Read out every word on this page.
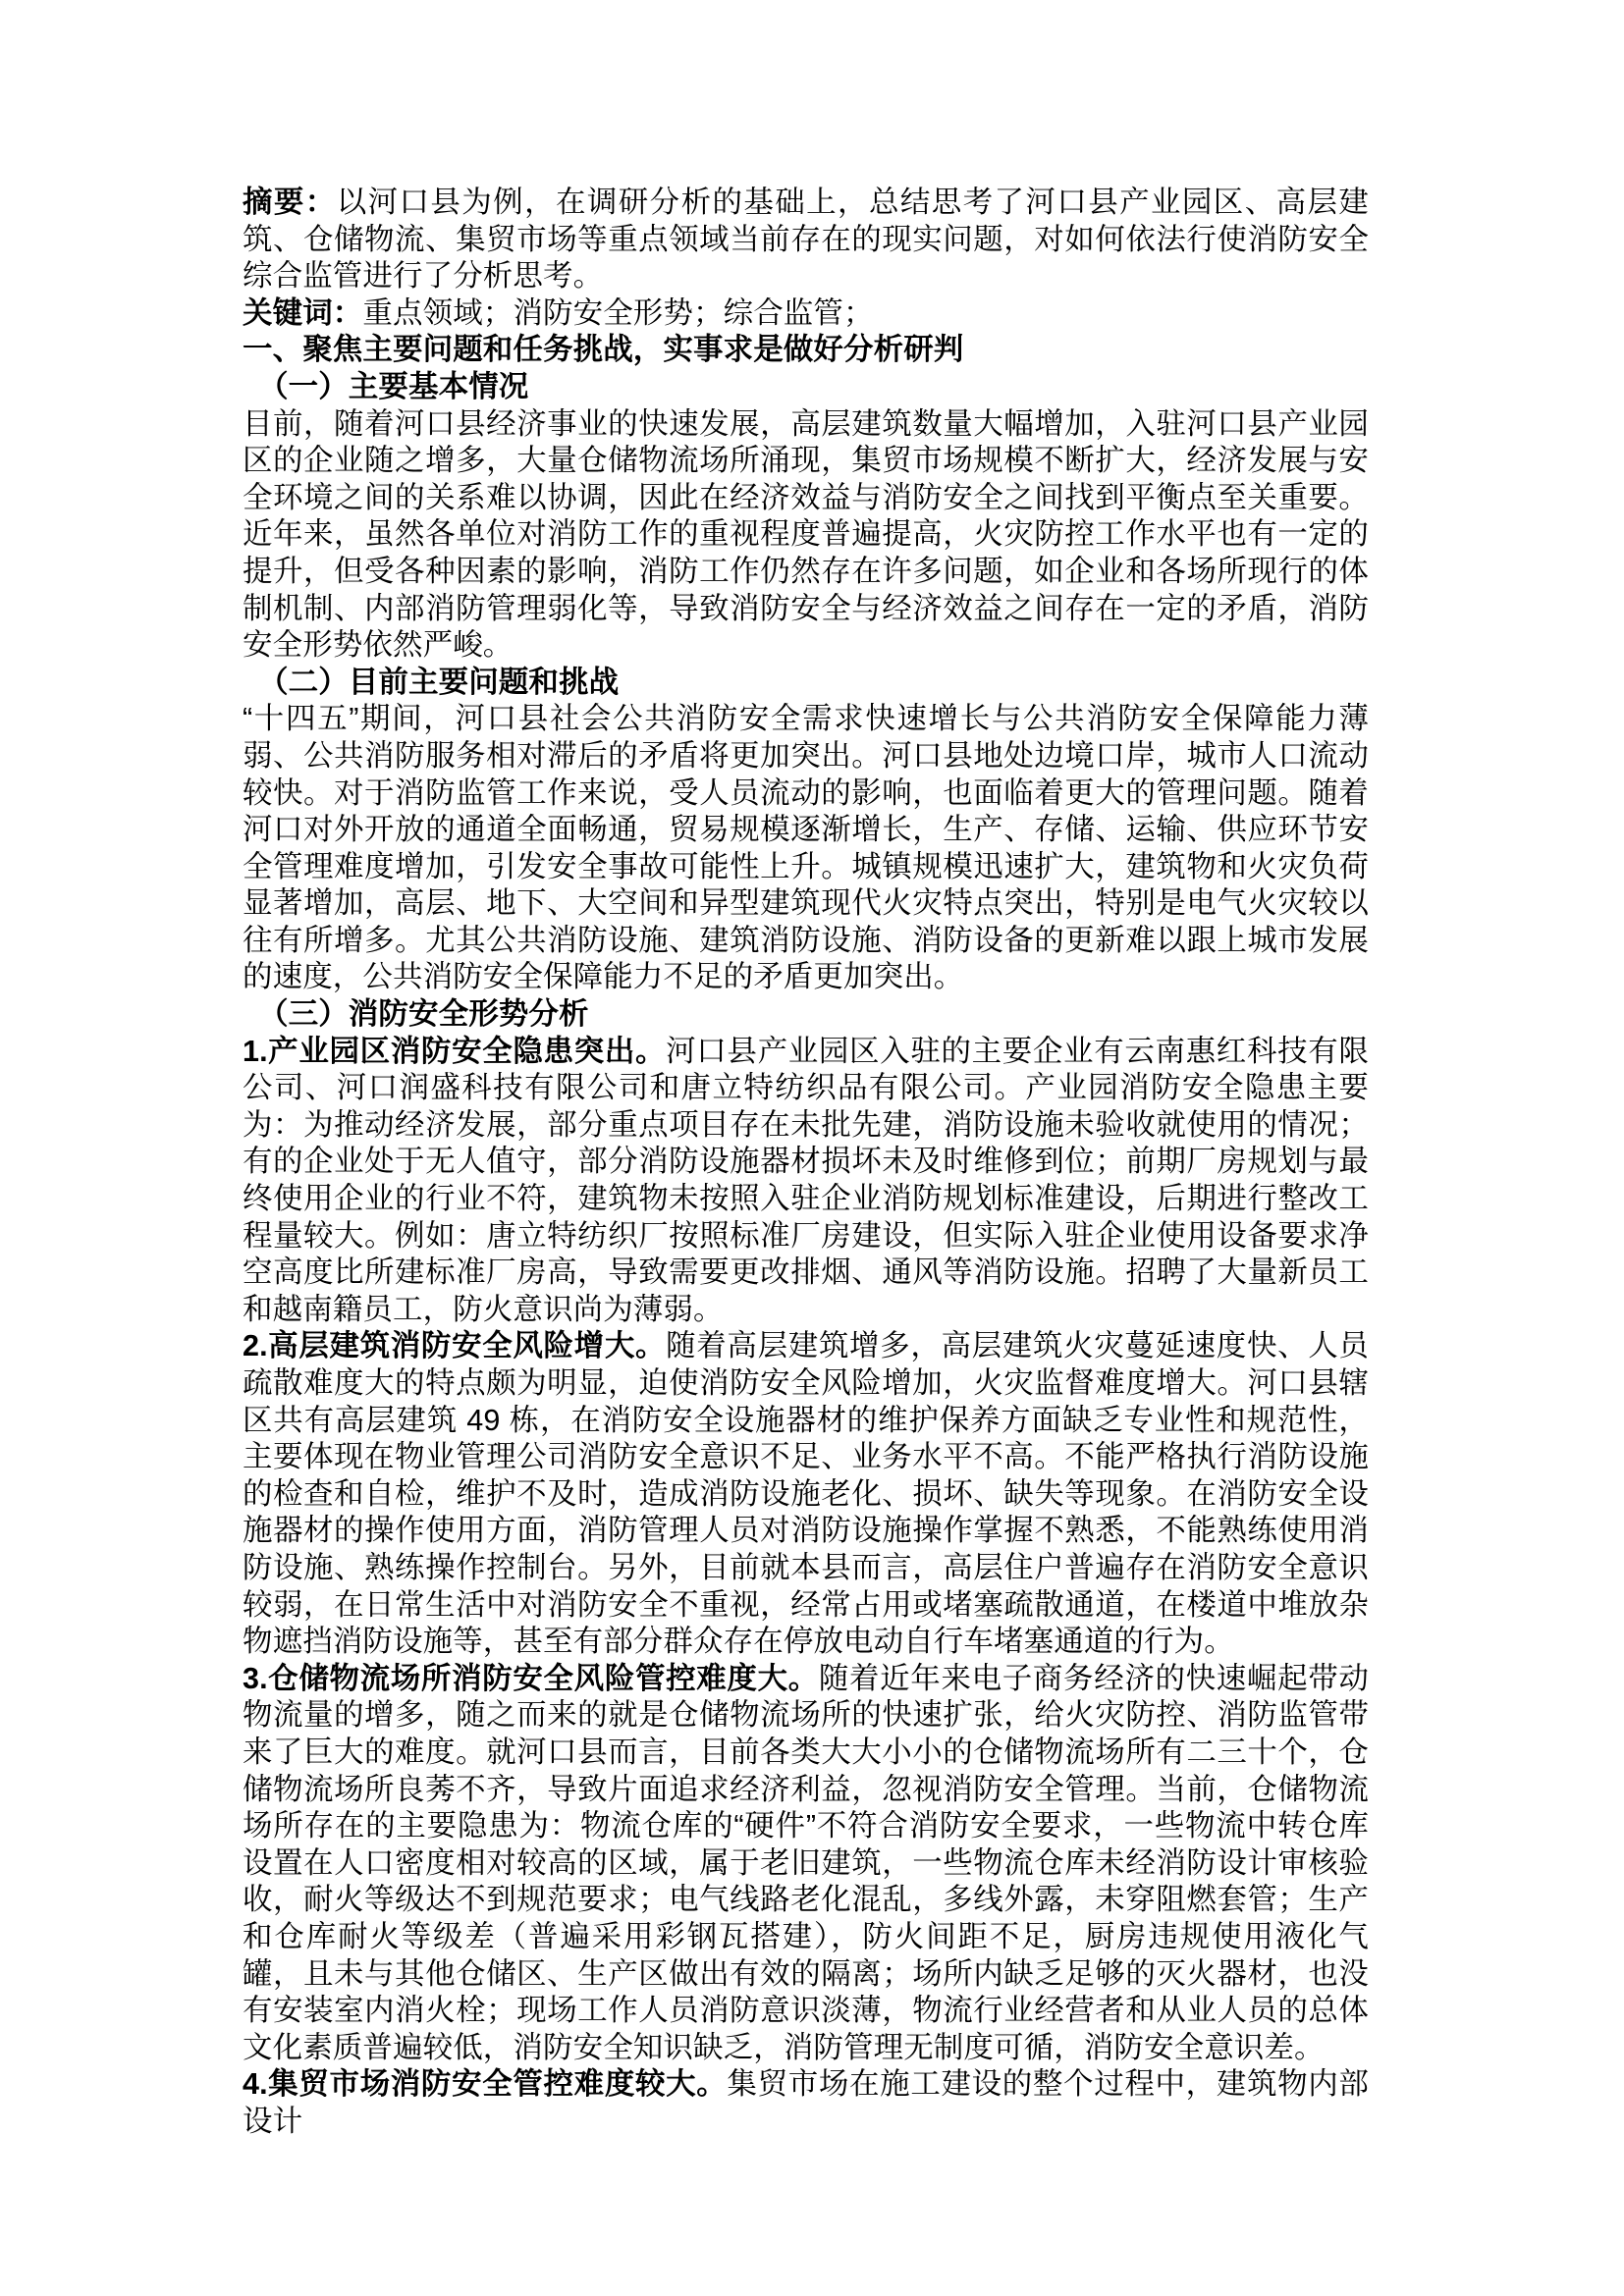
摘要：以河口县为例，在调研分析的基础上，总结思考了河口县产业园区、高层建筑、仓储物流、集贸市场等重点领域当前存在的现实问题，对如何依法行使消防安全综合监管进行了分析思考。

关键词：重点领域；消防安全形势；综合监管；

一、聚焦主要问题和任务挑战，实事求是做好分析研判

（一）主要基本情况

目前，随着河口县经济事业的快速发展，高层建筑数量大幅增加，入驻河口县产业园区的企业随之增多，大量仓储物流场所涌现，集贸市场规模不断扩大，经济发展与安全环境之间的关系难以协调，因此在经济效益与消防安全之间找到平衡点至关重要。近年来，虽然各单位对消防工作的重视程度普遍提高，火灾防控工作水平也有一定的提升，但受各种因素的影响，消防工作仍然存在许多问题，如企业和各场所现行的体制机制、内部消防管理弱化等，导致消防安全与经济效益之间存在一定的矛盾，消防安全形势依然严峻。

（二）目前主要问题和挑战

“十四五”期间，河口县社会公共消防安全需求快速增长与公共消防安全保障能力薄弱、公共消防服务相对滞后的矛盾将更加突出。河口县地处边境口岸，城市人口流动较快。对于消防监管工作来说，受人员流动的影响，也面临着更大的管理问题。随着河口对外开放的通道全面畅通，贸易规模逐渐增长，生产、存储、运输、供应环节安全管理难度增加，引发安全事故可能性上升。城镇规模迅速扩大，建筑物和火灾负荷显著增加，高层、地下、大空间和异型建筑现代火灾特点突出，特别是电气火灾较以往有所增多。尤其公共消防设施、建筑消防设施、消防设备的更新难以跟上城市发展的速度，公共消防安全保障能力不足的矛盾更加突出。

（三）消防安全形势分析

1.产业园区消防安全隐患突出。河口县产业园区入驻的主要企业有云南惠红科技有限公司、河口润盛科技有限公司和唐立特纺织品有限公司。产业园消防安全隐患主要为：为推动经济发展，部分重点项目存在未批先建，消防设施未验收就使用的情况；有的企业处于无人值守，部分消防设施器材损坏未及时维修到位；前期厂房规划与最终使用企业的行业不符，建筑物未按照入驻企业消防规划标准建设，后期进行整改工程量较大。例如：唐立特纺织厂按照标准厂房建设，但实际入驻企业使用设备要求净空高度比所建标准厂房高，导致需要更改排烟、通风等消防设施。招聘了大量新员工和越南籍员工，防火意识尚为薄弱。

2.高层建筑消防安全风险增大。随着高层建筑增多，高层建筑火灾蔓延速度快、人员疏散难度大的特点颇为明显，迫使消防安全风险增加，火灾监督难度增大。河口县辖区共有高层建筑 49 栋，在消防安全设施器材的维护保养方面缺乏专业性和规范性，主要体现在物业管理公司消防安全意识不足、业务水平不高。不能严格执行消防设施的检查和自检，维护不及时，造成消防设施老化、损坏、缺失等现象。在消防安全设施器材的操作使用方面，消防管理人员对消防设施操作掌握不熟悉，不能熟练使用消防设施、熟练操作控制台。另外，目前就本县而言，高层住户普遍存在消防安全意识较弱，在日常生活中对消防安全不重视，经常占用或堵塞疏散通道，在楼道中堆放杂物遮挡消防设施等，甚至有部分群众存在停放电动自行车堵塞通道的行为。

3.仓储物流场所消防安全风险管控难度大。随着近年来电子商务经济的快速崛起带动物流量的增多，随之而来的就是仓储物流场所的快速扩张，给火灾防控、消防监管带来了巨大的难度。就河口县而言，目前各类大大小小的仓储物流场所有二三十个，仓储物流场所良莠不齐，导致片面追求经济利益，忽视消防安全管理。当前，仓储物流场所存在的主要隐患为：物流仓库的“硬件”不符合消防安全要求，一些物流中转仓库设置在人口密度相对较高的区域，属于老旧建筑，一些物流仓库未经消防设计审核验收，耐火等级达不到规范要求；电气线路老化混乱，多线外露，未穿阻燃套管；生产和仓库耐火等级差（普遍采用彩钢瓦搭建），防火间距不足，厨房违规使用液化气罐，且未与其他仓储区、生产区做出有效的隔离；场所内缺乏足够的灭火器材，也没有安装室内消火栓；现场工作人员消防意识淡薄，物流行业经营者和从业人员的总体文化素质普遍较低，消防安全知识缺乏，消防管理无制度可循，消防安全意识差。

4.集贸市场消防安全管控难度较大。集贸市场在施工建设的整个过程中，建筑物内部设计
